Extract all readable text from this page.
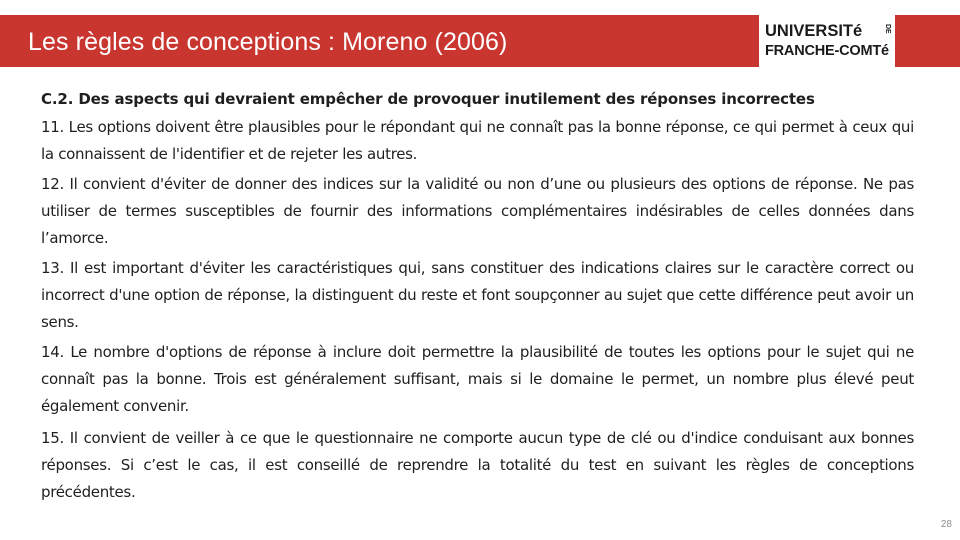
Les règles de conceptions : Moreno (2006)	UNIVERSITé
FRANCHE-COMTé
DE

C.2. Des aspects qui devraient empêcher de provoquer inutilement des réponses incorrectes

11. Les options doivent être plausibles pour le répondant qui ne connaît pas la bonne réponse, ce qui permet à ceux qui la connaissent de l'identifier et de rejeter les autres.

12. Il convient d'éviter de donner des indices sur la validité ou non d’une ou plusieurs des options de réponse. Ne pas utiliser de termes susceptibles de fournir des informations complémentaires indésirables de celles données dans l’amorce.

13. Il est important d'éviter les caractéristiques qui, sans constituer des indications claires sur le caractère correct ou incorrect d'une option de réponse, la distinguent du reste et font soupçonner au sujet que cette différence peut avoir un sens.

14. Le nombre d'options de réponse à inclure doit permettre la plausibilité de toutes les options pour le sujet qui ne connaît pas la bonne. Trois est généralement suffisant, mais si le domaine le permet, un nombre plus élevé peut également convenir.

15. Il convient de veiller à ce que le questionnaire ne comporte aucun type de clé ou d'indice conduisant aux bonnes réponses. Si c’est le cas, il est conseillé de reprendre la totalité du test en suivant les règles de conceptions précédentes.

28
